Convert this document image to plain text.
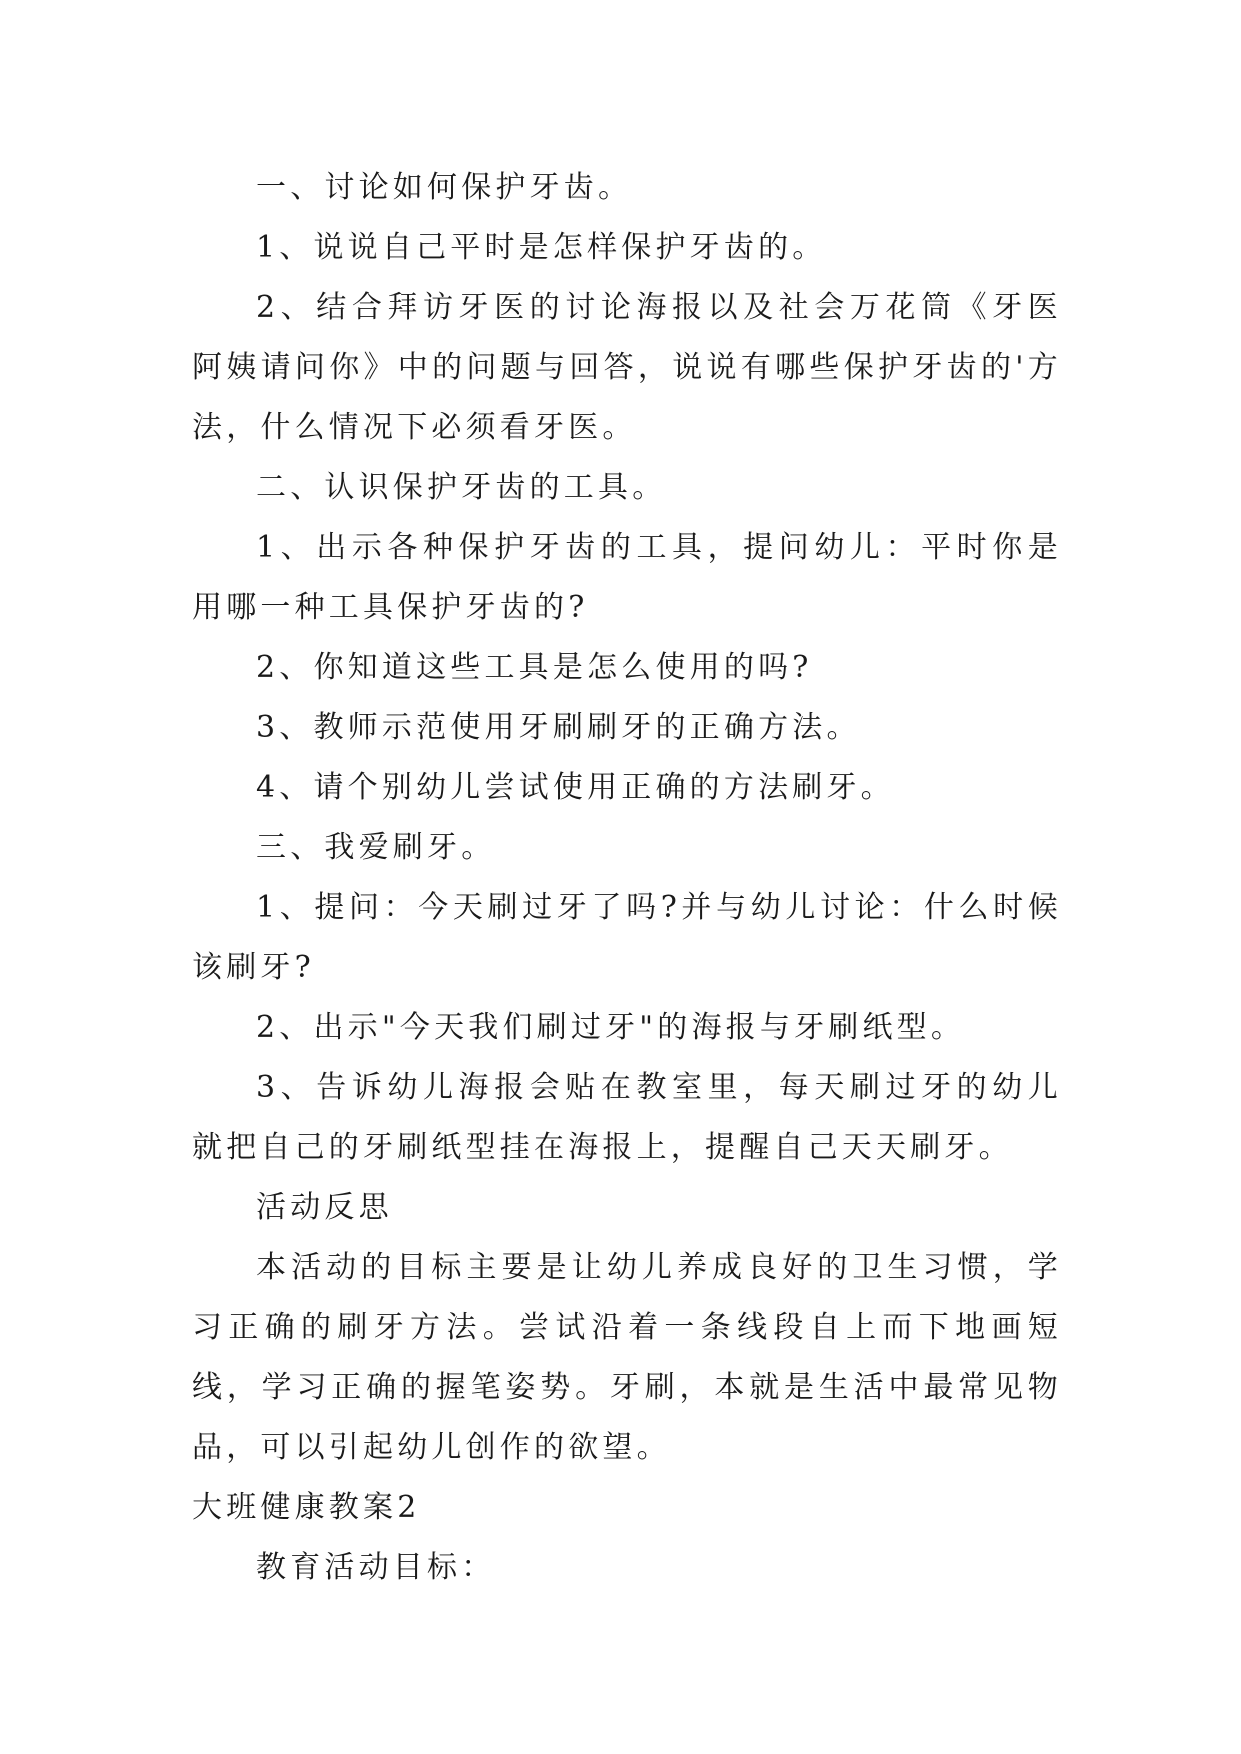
一、讨论如何保护牙齿。

1、说说自己平时是怎样保护牙齿的。

2、结合拜访牙医的讨论海报以及社会万花筒《牙医阿姨请问你》中的问题与回答，说说有哪些保护牙齿的'方法，什么情况下必须看牙医。

二、认识保护牙齿的工具。

1、出示各种保护牙齿的工具，提问幼儿：平时你是用哪一种工具保护牙齿的?

2、你知道这些工具是怎么使用的吗?

3、教师示范使用牙刷刷牙的正确方法。

4、请个别幼儿尝试使用正确的方法刷牙。

三、我爱刷牙。

1、提问：今天刷过牙了吗?并与幼儿讨论：什么时候该刷牙?

2、出示"今天我们刷过牙"的海报与牙刷纸型。

3、告诉幼儿海报会贴在教室里，每天刷过牙的幼儿就把自己的牙刷纸型挂在海报上，提醒自己天天刷牙。

活动反思

本活动的目标主要是让幼儿养成良好的卫生习惯，学习正确的刷牙方法。尝试沿着一条线段自上而下地画短线，学习正确的握笔姿势。牙刷，本就是生活中最常见物品，可以引起幼儿创作的欲望。

大班健康教案2

教育活动目标：
